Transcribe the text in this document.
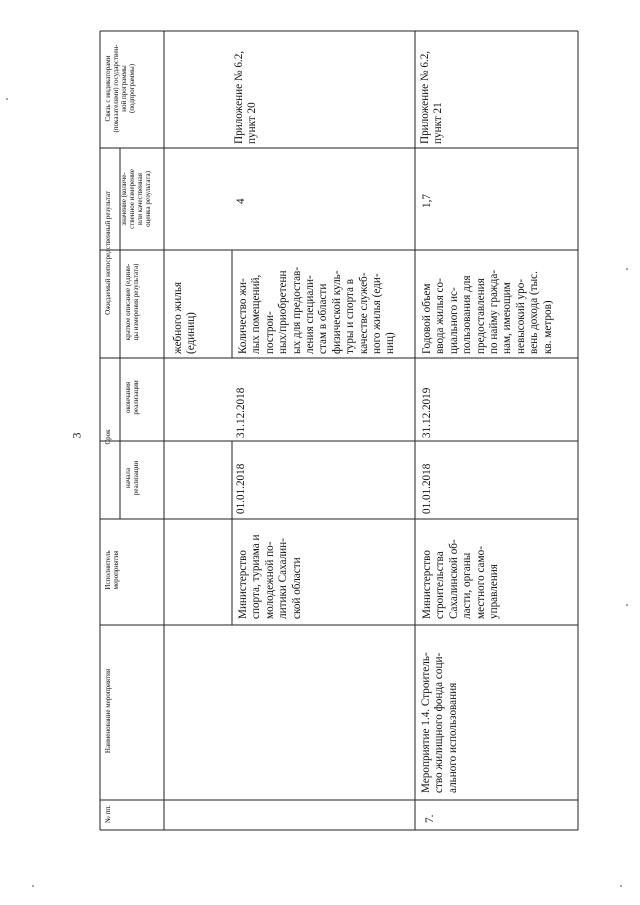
3
№ пп.
Наименование мероприятия
Исполнитель
мероприятия
Срок
начала
реализации
окончания
реализации
Ожидаемый непосредственный результат
краткое описание (едини-
цы измерения результата)
значение (количе-
ственное измерение
или качественная
оценка результата)
Связь с индикаторами
(показателями) государствен-
ной программы
(подпрограммы)
жебного жилья
(единиц)
Министерство
спорта, туризма и
молодежной по-
литики Сахалин-
ской области
01.01.2018
31.12.2018
Количество жи-
лых помещений,
построи-
ных/приобретенн
ых для предостав-
ления специали-
стам в области
физической куль-
туры и спорта в
качестве служеб-
ного жилья (еди-
ниц)
4
Приложение № 6.2,
пункт 20
7.
Мероприятие 1.4. Строитель-
ство жилищного фонда соци-
ального использования
Министерство
строительства
Сахалинской об-
ласти, органы
местного само-
управления
01.01.2018
31.12.2019
Годовой объем
ввода жилья со-
циального ис-
пользования для
предоставления
по найму гражда-
нам, имеющим
невысокий уро-
вень дохода (тыс.
кв. метров)
1,7
Приложение № 6.2,
пункт 21
